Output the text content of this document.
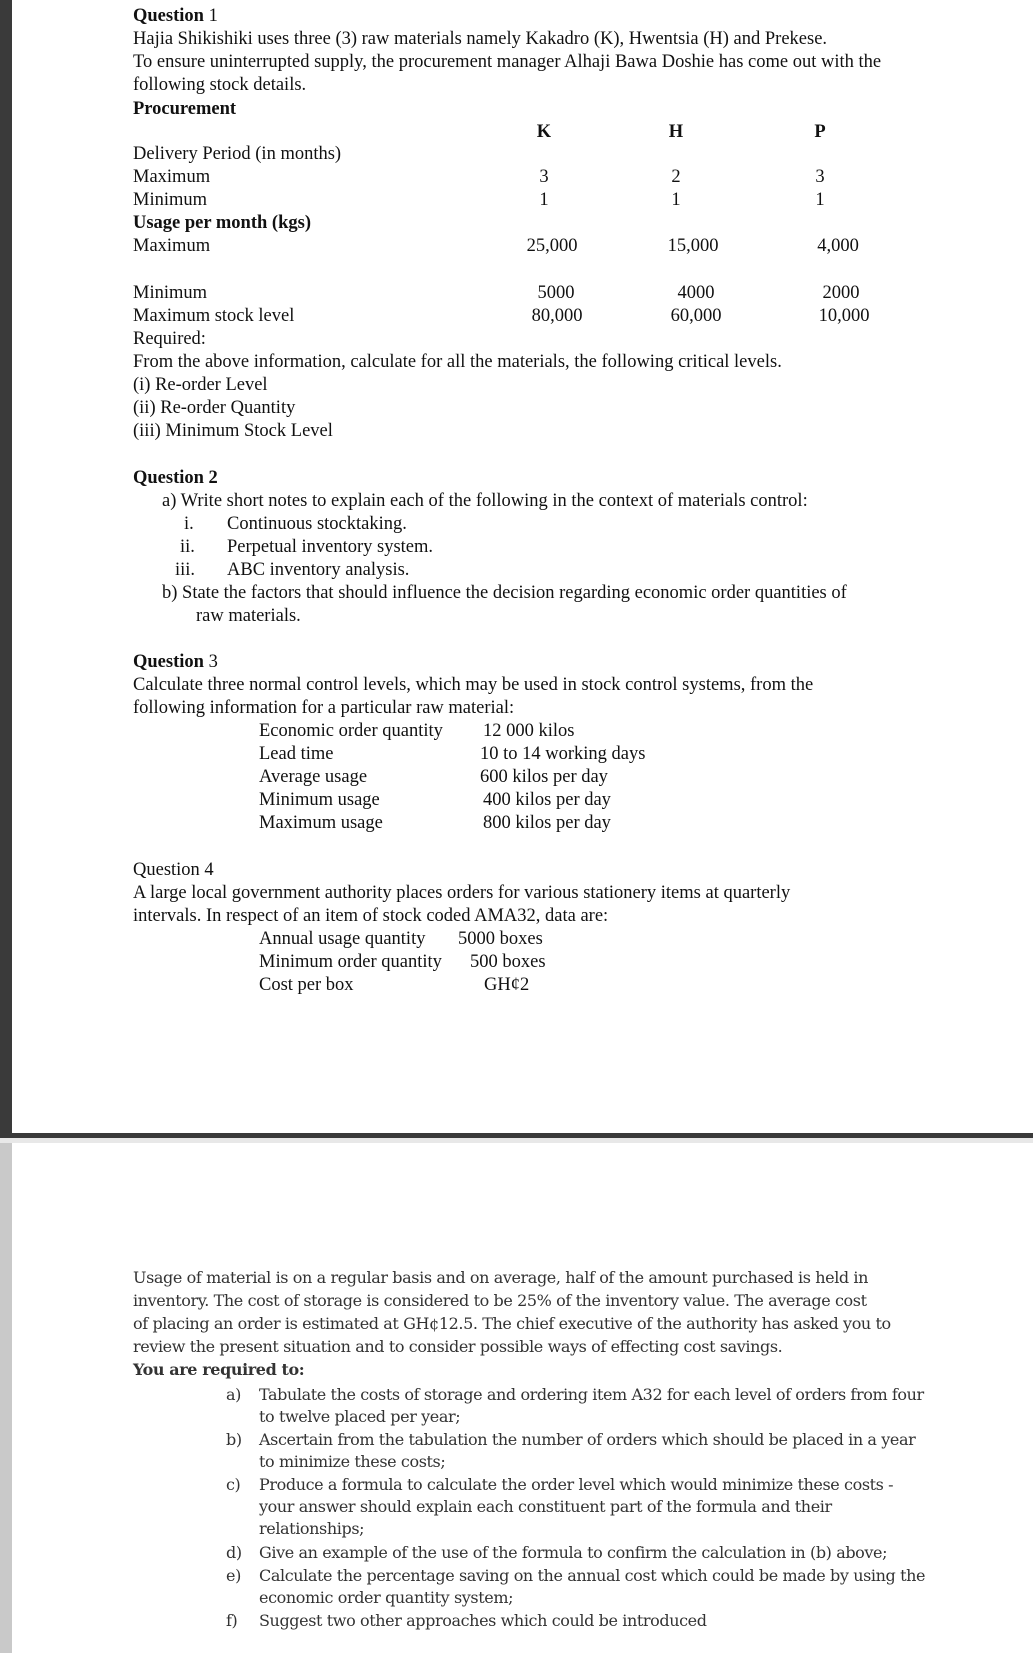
Question 1
Hajia Shikishiki uses three (3) raw materials namely Kakadro (K), Hwentsia (H) and Prekese.
To ensure uninterrupted supply, the procurement manager Alhaji Bawa Doshie has come out with the
following stock details.
Procurement
K	H	P
Delivery Period (in months)
Maximum	3	2	3
Minimum	1	1	1
Usage per month (kgs)
Maximum	25,000	15,000	4,000
Minimum	5000	4000	2000
Maximum stock level	80,000	60,000	10,000
Required:
From the above information, calculate for all the materials, the following critical levels.
(i) Re-order Level
(ii) Re-order Quantity
(iii) Minimum Stock Level
Question 2
a) Write short notes to explain each of the following in the context of materials control:
i. Continuous stocktaking.
ii. Perpetual inventory system.
iii. ABC inventory analysis.
b) State the factors that should influence the decision regarding economic order quantities of
raw materials.
Question 3
Calculate three normal control levels, which may be used in stock control systems, from the
following information for a particular raw material:
Economic order quantity 12 000 kilos
Lead time	10 to 14 working days
Average usage	600 kilos per day
Minimum usage	400 kilos per day
Maximum usage	800 kilos per day
Question 4
A large local government authority places orders for various stationery items at quarterly
intervals. In respect of an item of stock coded AMA32, data are:
Annual usage quantity 5000 boxes
Minimum order quantity 500 boxes
Cost per box	GH¢2
Usage of material is on a regular basis and on average, half of the amount purchased is held in
inventory. The cost of storage is considered to be 25% of the inventory value. The average cost
of placing an order is estimated at GH¢12.5. The chief executive of the authority has asked you to
review the present situation and to consider possible ways of effecting cost savings.
You are required to:
a) Tabulate the costs of storage and ordering item A32 for each level of orders from four
to twelve placed per year;
b) Ascertain from the tabulation the number of orders which should be placed in a year
to minimize these costs;
c) Produce a formula to calculate the order level which would minimize these costs -
your answer should explain each constituent part of the formula and their
relationships;
d) Give an example of the use of the formula to confirm the calculation in (b) above;
e) Calculate the percentage saving on the annual cost which could be made by using the
economic order quantity system;
f) Suggest two other approaches which could be introduced
